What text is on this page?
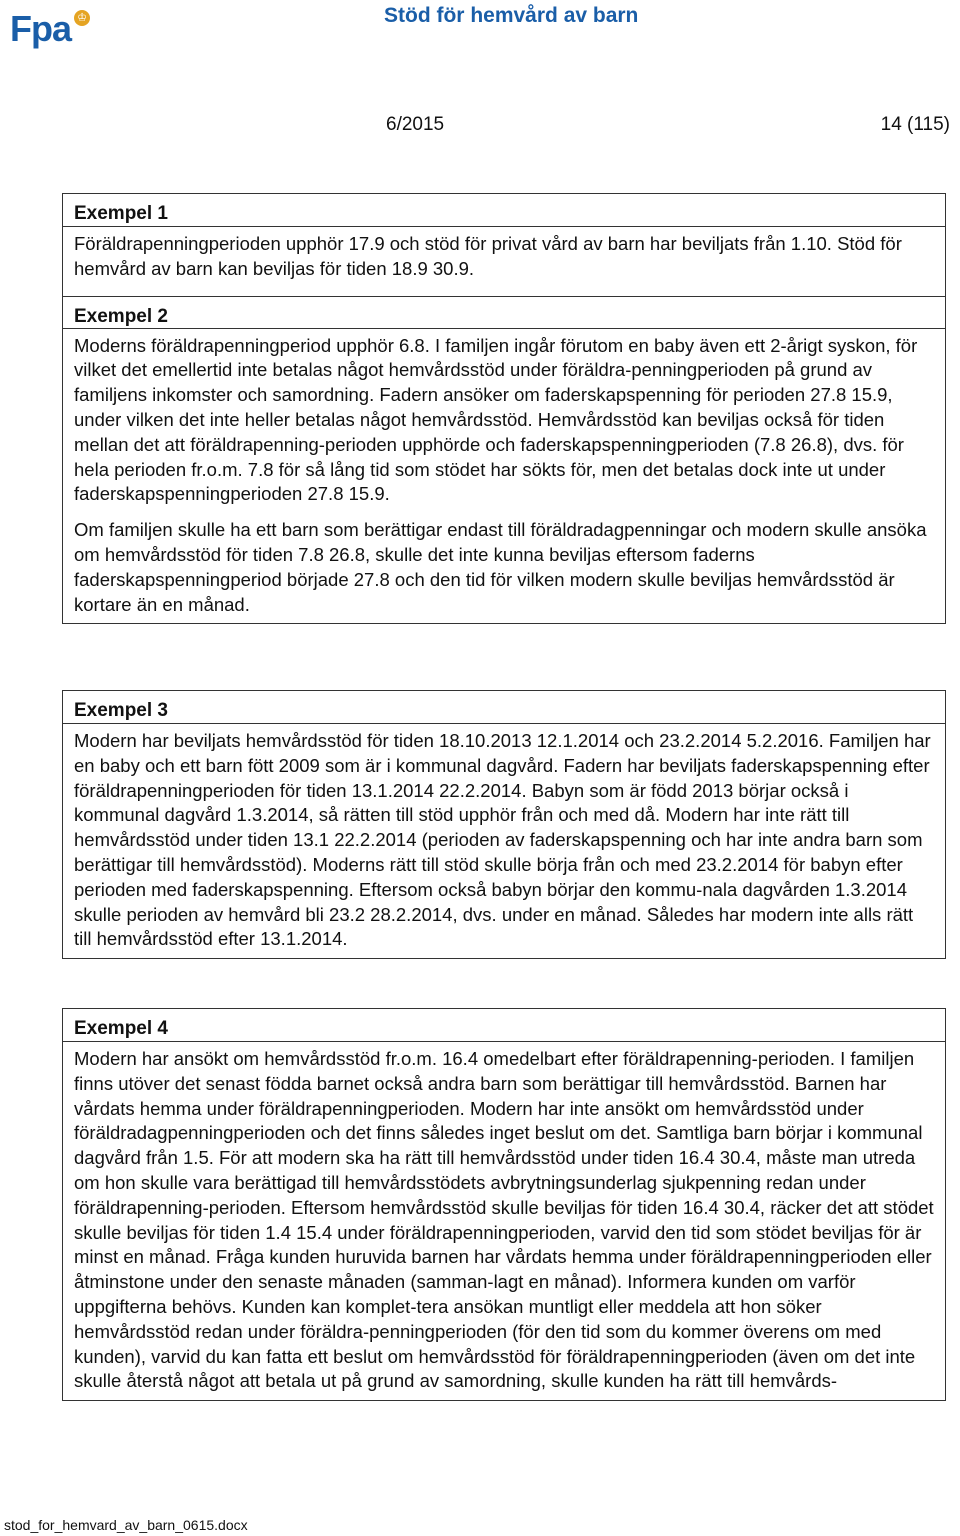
Fpa ♔	Stöd för hemvård av barn
6/2015	14 (115)
Exempel 1

Föräldrapenningperioden upphör 17.9 och stöd för privat vård av barn har beviljats från 1.10. Stöd för hemvård av barn kan beviljas för tiden 18.9 30.9.

Exempel 2

Moderns föräldrapenningperiod upphör 6.8. I familjen ingår förutom en baby även ett 2-årigt syskon, för vilket det emellertid inte betalas något hemvårdsstöd under föräldra-penningperioden på grund av familjens inkomster och samordning. Fadern ansöker om faderskapspenning för perioden 27.8 15.9, under vilken det inte heller betalas något hemvårdsstöd. Hemvårdsstöd kan beviljas också för tiden mellan det att föräldrapenning-perioden upphörde och faderskapspenningperioden (7.8 26.8), dvs. för hela perioden fr.o.m. 7.8 för så lång tid som stödet har sökts för, men det betalas dock inte ut under faderskapspenningperioden 27.8 15.9.

Om familjen skulle ha ett barn som berättigar endast till föräldradagpenningar och modern skulle ansöka om hemvårdsstöd för tiden 7.8 26.8, skulle det inte kunna beviljas eftersom faderns faderskapspenningperiod började 27.8 och den tid för vilken modern skulle beviljas hemvårdsstöd är kortare än en månad.

Exempel 3

Modern har beviljats hemvårdsstöd för tiden 18.10.2013 12.1.2014 och 23.2.2014 5.2.2016. Familjen har en baby och ett barn fött 2009 som är i kommunal dagvård. Fadern har beviljats faderskapspenning efter föräldrapenningperioden för tiden 13.1.2014 22.2.2014. Babyn som är född 2013 börjar också i kommunal dagvård 1.3.2014, så rätten till stöd upphör från och med då. Modern har inte rätt till hemvårdsstöd under tiden 13.1 22.2.2014 (perioden av faderskapspenning och har inte andra barn som berättigar till hemvårdsstöd). Moderns rätt till stöd skulle börja från och med 23.2.2014 för babyn efter perioden med faderskapspenning. Eftersom också babyn börjar den kommu-nala dagvården 1.3.2014 skulle perioden av hemvård bli 23.2 28.2.2014, dvs. under en månad. Således har modern inte alls rätt till hemvårdsstöd efter 13.1.2014.

Exempel 4

Modern har ansökt om hemvårdsstöd fr.o.m. 16.4 omedelbart efter föräldrapenning-perioden. I familjen finns utöver det senast födda barnet också andra barn som berättigar till hemvårdsstöd. Barnen har vårdats hemma under föräldrapenningperioden. Modern har inte ansökt om hemvårdsstöd under föräldradagpenningperioden och det finns således inget beslut om det. Samtliga barn börjar i kommunal dagvård från 1.5. För att modern ska ha rätt till hemvårdsstöd under tiden 16.4 30.4, måste man utreda om hon skulle vara berättigad till hemvårdsstödets avbrytningsunderlag sjukpenning redan under föräldrapenning-perioden. Eftersom hemvårdsstöd skulle beviljas för tiden 16.4 30.4, räcker det att stödet skulle beviljas för tiden 1.4 15.4 under föräldrapenningperioden, varvid den tid som stödet beviljas för är minst en månad. Fråga kunden huruvida barnen har vårdats hemma under föräldrapenningperioden eller åtminstone under den senaste månaden (samman-lagt en månad). Informera kunden om varför uppgifterna behövs. Kunden kan komplet-tera ansökan muntligt eller meddela att hon söker hemvårdsstöd redan under föräldra-penningperioden (för den tid som du kommer överens om med kunden), varvid du kan fatta ett beslut om hemvårdsstöd för föräldrapenningperioden (även om det inte skulle återstå något att betala ut på grund av samordning, skulle kunden ha rätt till hemvårds-

stod_for_hemvard_av_barn_0615.docx
